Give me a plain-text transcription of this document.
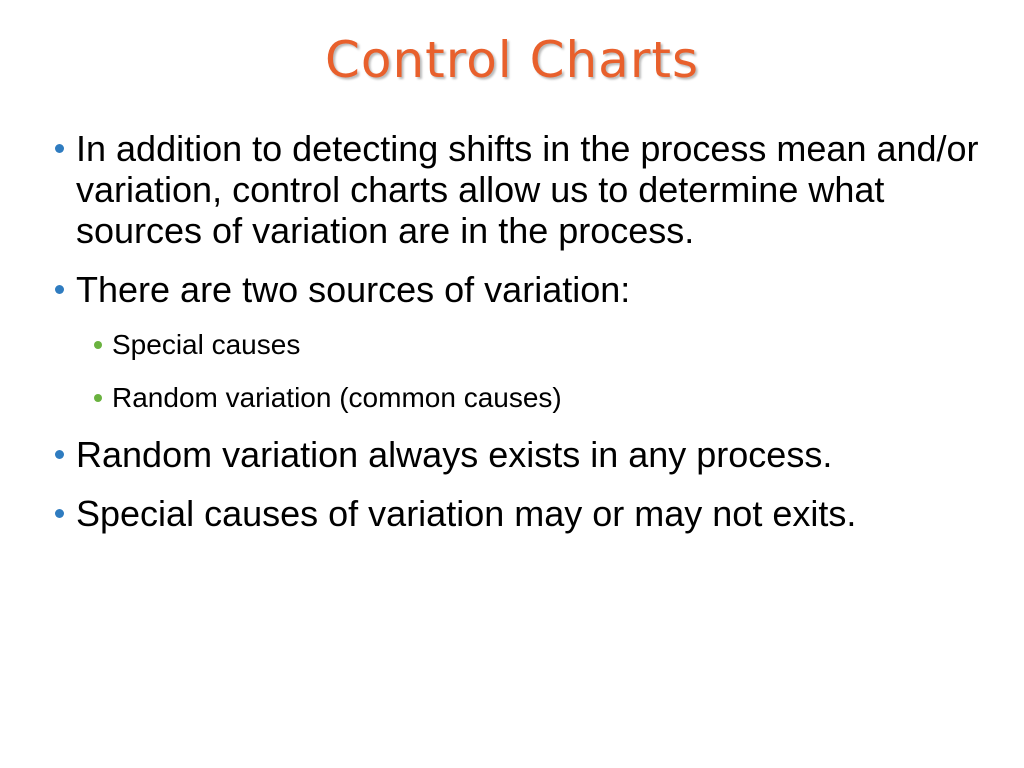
Control Charts
In addition to detecting shifts in the process mean and/or variation, control charts allow us to determine what sources of variation are in the process.
There are two sources of variation:
Special causes
Random variation (common causes)
Random variation always exists in any process.
Special causes of variation may or may not exits.
